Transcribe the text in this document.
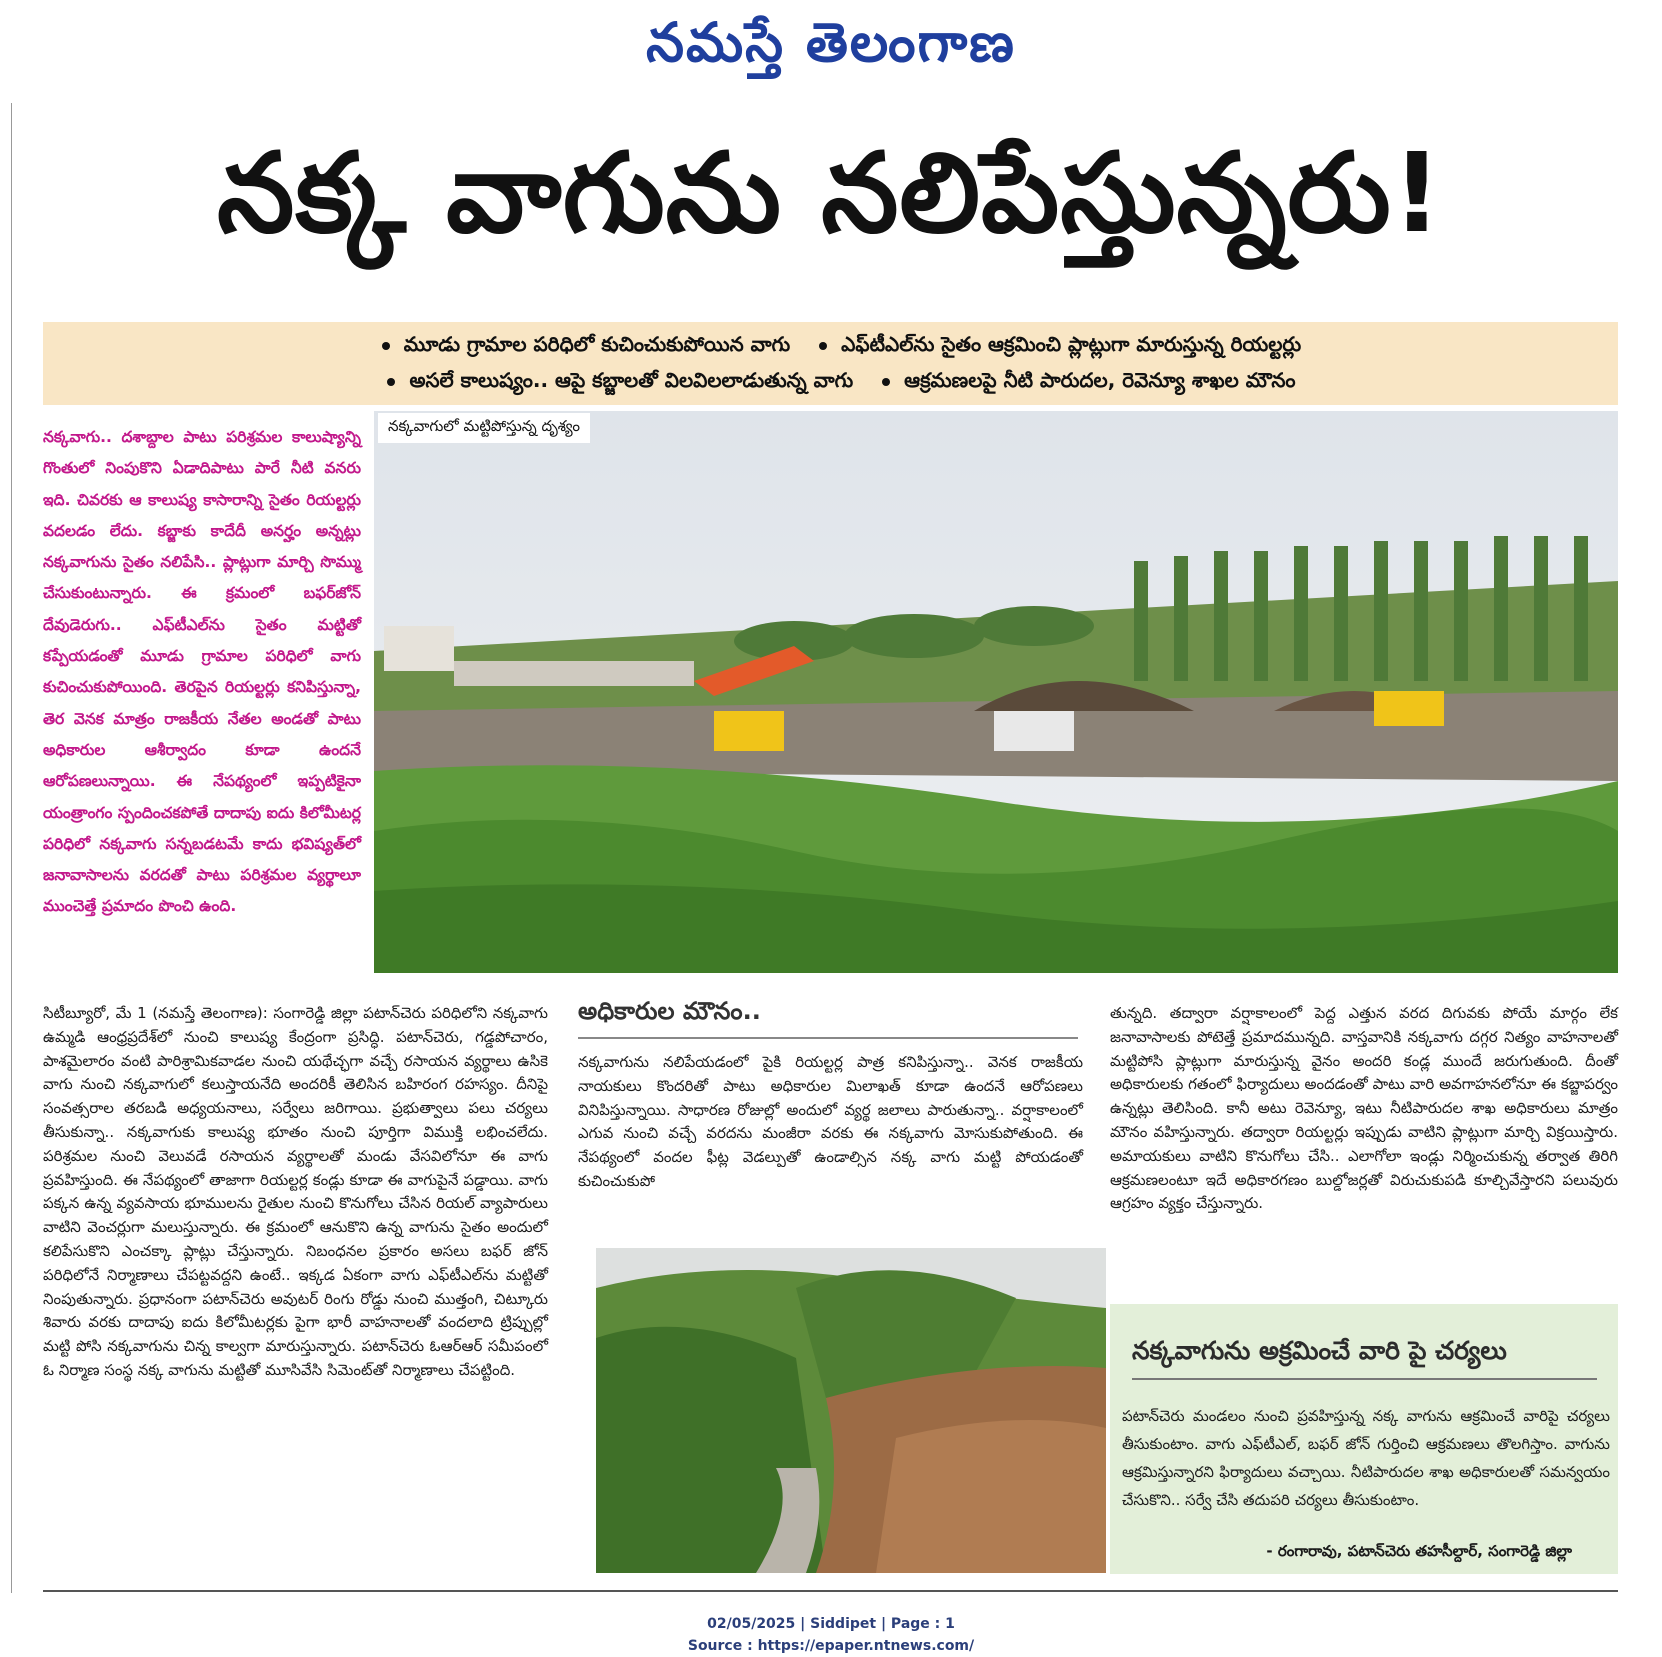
నమస్తే తెలంగాణ
నక్క వాగును నలిపేస్తున్నరు!
మూడు గ్రామాల పరిధిలో కుచించుకుపోయిన వాగు	ఎఫ్‌టీఎల్‌ను సైతం ఆక్రమించి ప్లాట్లుగా మారుస్తున్న రియల్టర్లు
అసలే కాలుష్యం.. ఆపై కబ్జాలతో విలవిలలాడుతున్న వాగు	ఆక్రమణలపై నీటి పారుదల, రెవెన్యూ శాఖల మౌనం
నక్కవాగు.. దశాబ్దాల పాటు పరిశ్రమల కాలుష్యాన్ని గొంతులో నింపుకొని ఏడాదిపాటు పారే నీటి వనరు ఇది. చివరకు ఆ కాలుష్య కాసారాన్ని సైతం రియల్టర్లు వదలడం లేదు. కబ్జాకు కాదేదీ అనర్హం అన్నట్లు నక్కవాగును సైతం నలిపేసి.. ప్లాట్లుగా మార్చి సొమ్ము చేసుకుంటున్నారు. ఈ క్రమంలో బఫర్‌జోన్ దేవుడెరుగు.. ఎఫ్‌టీఎల్‌ను సైతం మట్టితో కప్పేయడంతో మూడు గ్రామాల పరిధిలో వాగు కుచించుకుపోయింది. తెరపైన రియల్టర్లు కనిపిస్తున్నా, తెర వెనక మాత్రం రాజకీయ నేతల అండతో పాటు అధికారుల ఆశీర్వాదం కూడా ఉందనే ఆరోపణలున్నాయి. ఈ నేపథ్యంలో ఇప్పటికైనా యంత్రాంగం స్పందించకపోతే దాదాపు ఐదు కిలోమీటర్ల పరిధిలో నక్కవాగు సన్నబడటమే కాదు భవిష్యత్‌లో జనావాసాలను వరదతో పాటు పరిశ్రమల వ్యర్థాలూ ముంచెత్తే ప్రమాదం పొంచి ఉంది.
నక్కవాగులో మట్టిపోస్తున్న దృశ్యం
సిటీబ్యూరో, మే 1 (నమస్తే తెలంగాణ): సంగారెడ్డి జిల్లా పటాన్‌చెరు పరిధిలోని నక్కవాగు ఉమ్మడి ఆంధ్రప్రదేశ్‌లో నుంచి కాలుష్య కేంద్రంగా ప్రసిద్ధి. పటాన్‌చెరు, గడ్డపోచారం, పాశమైలారం వంటి పారిశ్రామికవాడల నుంచి యథేచ్ఛగా వచ్చే రసాయన వ్యర్థాలు ఉసికె వాగు నుంచి నక్కవాగులో కలుస్తాయనేది అందరికీ తెలిసిన బహిరంగ రహస్యం. దీనిపై సంవత్సరాల తరబడి అధ్యయనాలు, సర్వేలు జరిగాయి. ప్రభుత్వాలు పలు చర్యలు తీసుకున్నా.. నక్కవాగుకు కాలుష్య భూతం నుంచి పూర్తిగా విముక్తి లభించలేదు. పరిశ్రమల నుంచి వెలువడే రసాయన వ్యర్థాలతో మండు వేసవిలోనూ ఈ వాగు ప్రవహిస్తుంది. ఈ నేపథ్యంలో తాజాగా రియల్టర్ల కండ్లు కూడా ఈ వాగుపైనే పడ్డాయి. వాగు పక్కన ఉన్న వ్యవసాయ భూములను రైతుల నుంచి కొనుగోలు చేసిన రియల్ వ్యాపారులు వాటిని వెంచర్లుగా మలుస్తున్నారు. ఈ క్రమంలో ఆనుకొని ఉన్న వాగును సైతం అందులో కలిపేసుకొని ఎంచక్కా ప్లాట్లు చేస్తున్నారు. నిబంధనల ప్రకారం అసలు బఫర్ జోన్ పరిధిలోనే నిర్మాణాలు చేపట్టవద్దని ఉంటే.. ఇక్కడ ఏకంగా వాగు ఎఫ్‌టీఎల్‌ను మట్టితో నింపుతున్నారు. ప్రధానంగా పటాన్‌చెరు అవుటర్ రింగు రోడ్డు నుంచి ముత్తంగి, చిట్కూరు శివారు వరకు దాదాపు ఐదు కిలోమీటర్లకు పైగా భారీ వాహనాలతో వందలాది ట్రిప్పుల్లో మట్టి పోసి నక్కవాగును చిన్న కాల్వగా మారుస్తున్నారు. పటాన్‌చెరు ఓఆర్ఆర్ సమీపంలో ఓ నిర్మాణ సంస్థ నక్క వాగును మట్టితో మూసివేసి సిమెంట్‌తో నిర్మాణాలు చేపట్టింది.
అధికారుల మౌనం..
నక్కవాగును నలిపేయడంలో పైకి రియల్టర్ల పాత్ర కనిపిస్తున్నా.. వెనక రాజకీయ నాయకులు కొందరితో పాటు అధికారుల మిలాఖత్ కూడా ఉందనే ఆరోపణలు వినిపిస్తున్నాయి. సాధారణ రోజుల్లో అందులో వ్యర్థ జలాలు పారుతున్నా.. వర్షాకాలంలో ఎగువ నుంచి వచ్చే వరదను మంజీరా వరకు ఈ నక్కవాగు మోసుకుపోతుంది. ఈ నేపథ్యంలో వందల ఫీట్ల వెడల్పుతో ఉండాల్సిన నక్క వాగు మట్టి పోయడంతో కుచించుకుపో
తున్నది. తద్వారా వర్షాకాలంలో పెద్ద ఎత్తున వరద దిగువకు పోయే మార్గం లేక జనావాసాలకు పోటెత్తే ప్రమాదమున్నది. వాస్తవానికి నక్కవాగు దగ్గర నిత్యం వాహనాలతో మట్టిపోసి ప్లాట్లుగా మారుస్తున్న వైనం అందరి కండ్ల ముందే జరుగుతుంది. దీంతో అధికారులకు గతంలో ఫిర్యాదులు అందడంతో పాటు వారి అవగాహనలోనూ ఈ కబ్జాపర్వం ఉన్నట్లు తెలిసింది. కానీ అటు రెవెన్యూ, ఇటు నీటిపారుదల శాఖ అధికారులు మాత్రం మౌనం వహిస్తున్నారు. తద్వారా రియల్టర్లు ఇప్పుడు వాటిని ప్లాట్లుగా మార్చి విక్రయిస్తారు. అమాయకులు వాటిని కొనుగోలు చేసి.. ఎలాగోలా ఇండ్లు నిర్మించుకున్న తర్వాత తిరిగి ఆక్రమణలంటూ ఇదే అధికారగణం బుల్డోజర్లతో విరుచుకుపడి కూల్చివేస్తారని పలువురు ఆగ్రహం వ్యక్తం చేస్తున్నారు.
నక్కవాగును అక్రమించే వారి పై చర్యలు
పటాన్‌చెరు మండలం నుంచి ప్రవహిస్తున్న నక్క వాగును ఆక్రమించే వారిపై చర్యలు తీసుకుంటాం. వాగు ఎఫ్‌టీఎల్, బఫర్ జోన్ గుర్తించి ఆక్రమణలు తొలగిస్తాం. వాగును ఆక్రమిస్తున్నారని ఫిర్యాదులు వచ్చాయి. నీటిపారుదల శాఖ అధికారులతో సమన్వయం చేసుకొని.. సర్వే చేసి తదుపరి చర్యలు తీసుకుంటాం.
- రంగారావు, పటాన్‌చెరు తహసీల్దార్, సంగారెడ్డి జిల్లా
02/05/2025 | Siddipet | Page : 1
Source : https://epaper.ntnews.com/
